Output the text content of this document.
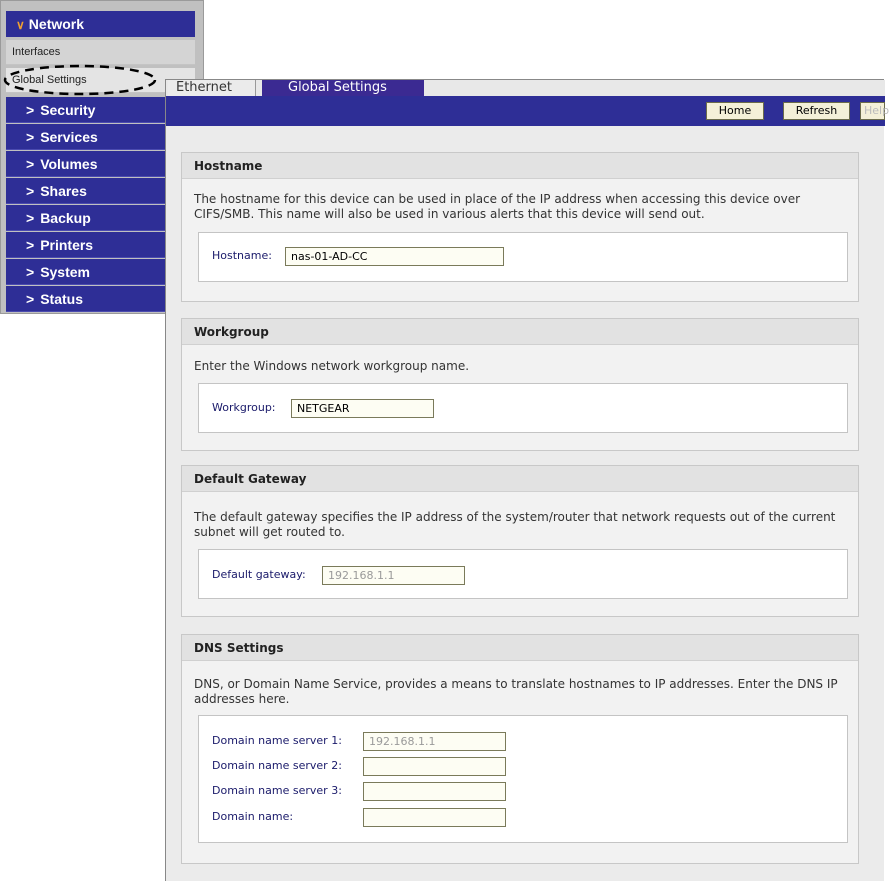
∨ Network
Interfaces
Global Settings
> Security
> Services
> Volumes
> Shares
> Backup
> Printers
> System
> Status
Ethernet	Global Settings
Home	Refresh	Help
Hostname
The hostname for this device can be used in place of the IP address when accessing this device over CIFS/SMB. This name will also be used in various alerts that this device will send out.
Hostname:	nas-01-AD-CC
Workgroup
Enter the Windows network workgroup name.
Workgroup:	NETGEAR
Default Gateway
The default gateway specifies the IP address of the system/router that network requests out of the current subnet will get routed to.
Default gateway:	192.168.1.1
DNS Settings
DNS, or Domain Name Service, provides a means to translate hostnames to IP addresses. Enter the DNS IP addresses here.
Domain name server 1:	192.168.1.1
Domain name server 2:
Domain name server 3:
Domain name:
